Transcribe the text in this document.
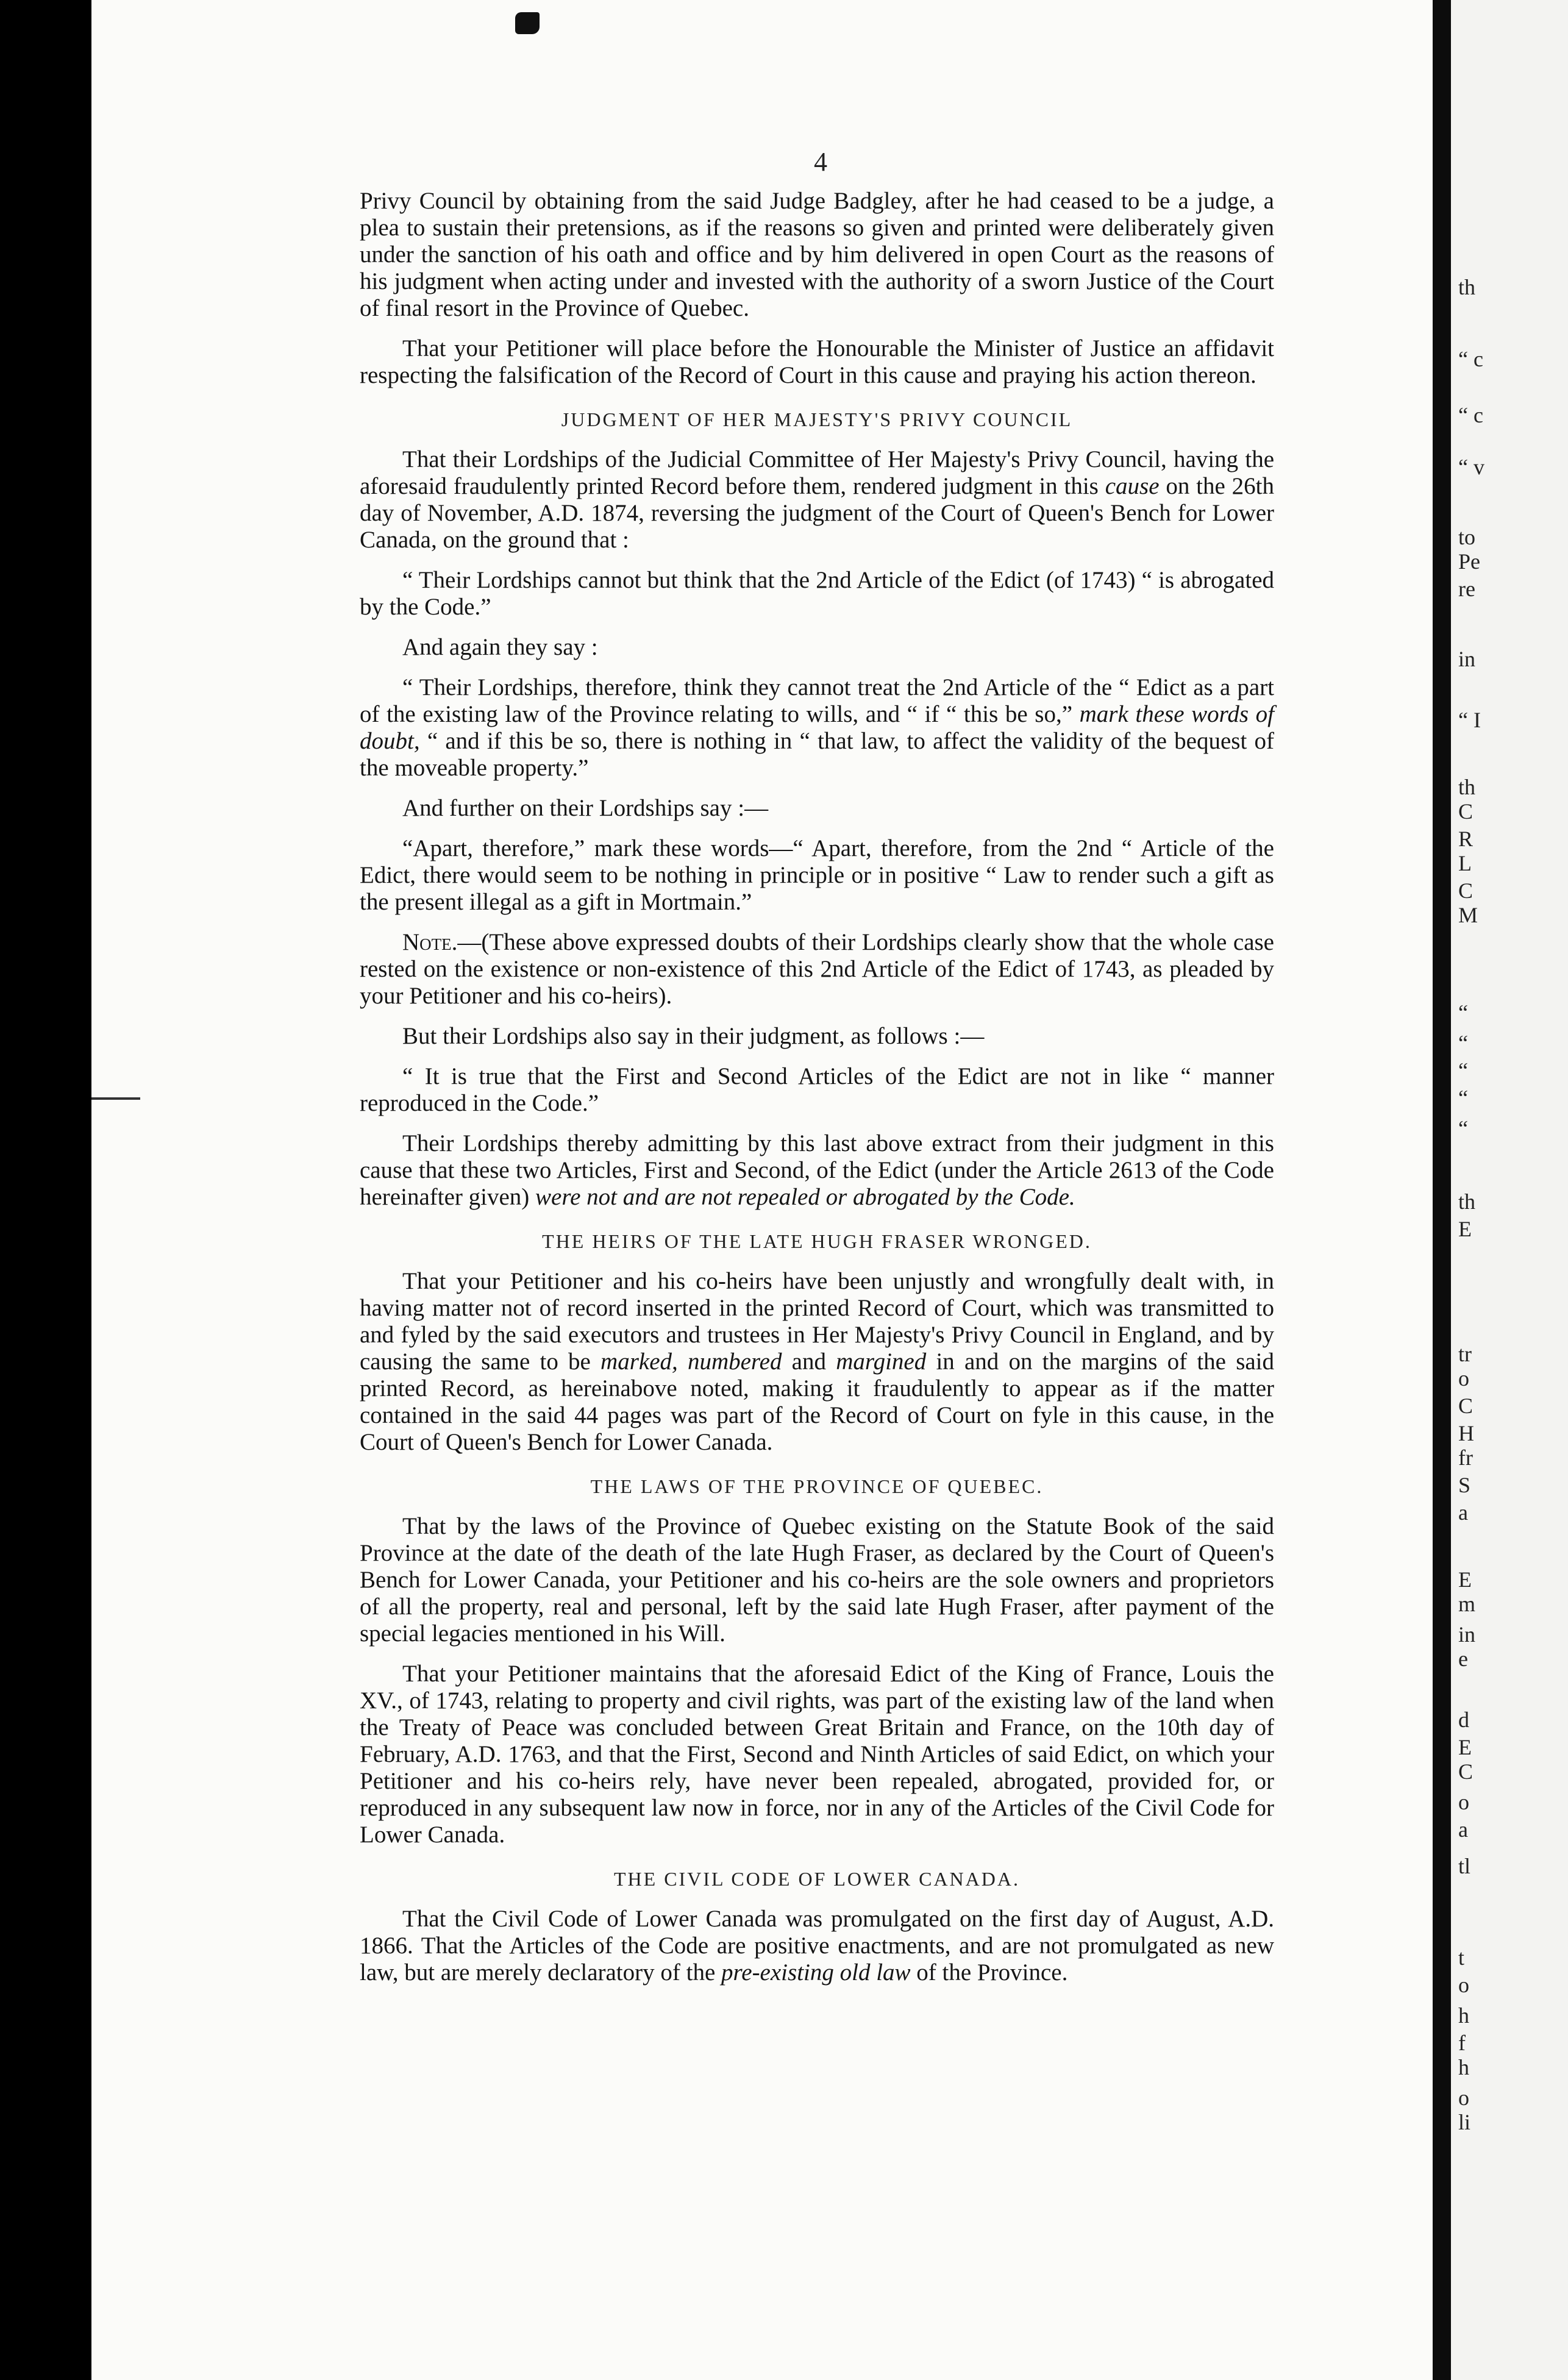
4

Privy Council by obtaining from the said Judge Badgley, after he had ceased to be a judge, a plea to sustain their pretensions, as if the reasons so given and printed were deliberately given under the sanction of his oath and office and by him delivered in open Court as the reasons of his judgment when acting under and invested with the authority of a sworn Justice of the Court of final resort in the Province of Quebec.

That your Petitioner will place before the Honourable the Minister of Justice an affidavit respecting the falsification of the Record of Court in this cause and praying his action thereon.

JUDGMENT OF HER MAJESTY'S PRIVY COUNCIL

That their Lordships of the Judicial Committee of Her Majesty's Privy Council, having the aforesaid fraudulently printed Record before them, rendered judgment in this cause on the 26th day of November, A.D. 1874, reversing the judgment of the Court of Queen's Bench for Lower Canada, on the ground that :

“ Their Lordships cannot but think that the 2nd Article of the Edict (of 1743) “ is abrogated by the Code.”

And again they say :

“ Their Lordships, therefore, think they cannot treat the 2nd Article of the “ Edict as a part of the existing law of the Province relating to wills, and “ if “ this be so,” mark these words of doubt, “ and if this be so, there is nothing in “ that law, to affect the validity of the bequest of the moveable property.”

And further on their Lordships say :—

“Apart, therefore,” mark these words—“ Apart, therefore, from the 2nd “ Article of the Edict, there would seem to be nothing in principle or in positive “ Law to render such a gift as the present illegal as a gift in Mortmain.”

Note.—(These above expressed doubts of their Lordships clearly show that the whole case rested on the existence or non-existence of this 2nd Article of the Edict of 1743, as pleaded by your Petitioner and his co-heirs).

But their Lordships also say in their judgment, as follows :—

“ It is true that the First and Second Articles of the Edict are not in like “ manner reproduced in the Code.”

Their Lordships thereby admitting by this last above extract from their judgment in this cause that these two Articles, First and Second, of the Edict (under the Article 2613 of the Code hereinafter given) were not and are not repealed or abrogated by the Code.

THE HEIRS OF THE LATE HUGH FRASER WRONGED.

That your Petitioner and his co-heirs have been unjustly and wrongfully dealt with, in having matter not of record inserted in the printed Record of Court, which was transmitted to and fyled by the said executors and trustees in Her Majesty's Privy Council in England, and by causing the same to be marked, numbered and margined in and on the margins of the said printed Record, as hereinabove noted, making it fraudulently to appear as if the matter contained in the said 44 pages was part of the Record of Court on fyle in this cause, in the Court of Queen's Bench for Lower Canada.

THE LAWS OF THE PROVINCE OF QUEBEC.

That by the laws of the Province of Quebec existing on the Statute Book of the said Province at the date of the death of the late Hugh Fraser, as declared by the Court of Queen's Bench for Lower Canada, your Petitioner and his co-heirs are the sole owners and proprietors of all the property, real and personal, left by the said late Hugh Fraser, after payment of the special legacies mentioned in his Will.

That your Petitioner maintains that the aforesaid Edict of the King of France, Louis the XV., of 1743, relating to property and civil rights, was part of the existing law of the land when the Treaty of Peace was concluded between Great Britain and France, on the 10th day of February, A.D. 1763, and that the First, Second and Ninth Articles of said Edict, on which your Petitioner and his co-heirs rely, have never been repealed, abrogated, provided for, or reproduced in any subsequent law now in force, nor in any of the Articles of the Civil Code for Lower Canada.

THE CIVIL CODE OF LOWER CANADA.

That the Civil Code of Lower Canada was promulgated on the first day of August, A.D. 1866. That the Articles of the Code are positive enactments, and are not promulgated as new law, but are merely declaratory of the pre-existing old law of the Province.

th
“ c
“ c
“ v
to
Pe
re
in
“ I
th
C
R
L
C
M
“
“
“
“
“
th
E
tr
o
C
H
fr
S
a
E
m
in
e
d
E
C
o
a
tl
t
o
h
f
h
o
li
